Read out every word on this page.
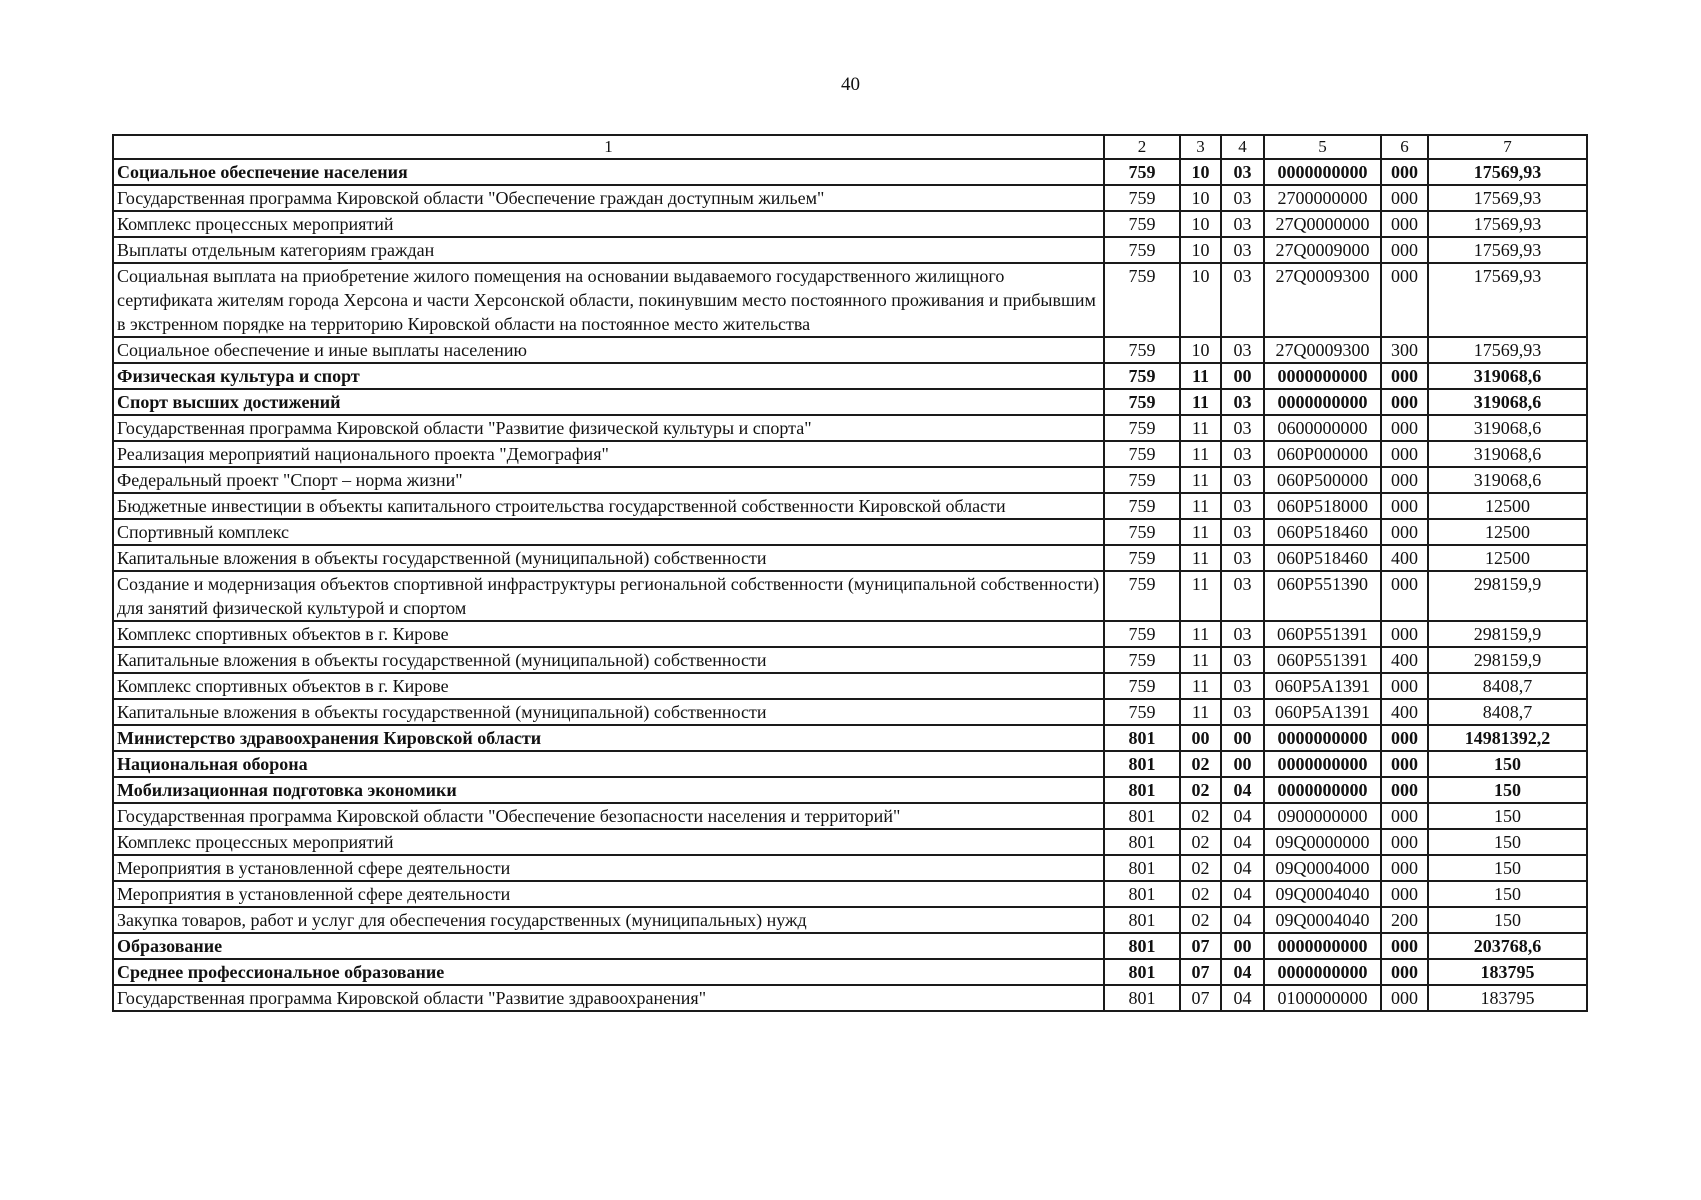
40
1	2	3	4	5	6	7
Социальное обеспечение населения	759	10	03	0000000000	000	17569,93
Государственная программа Кировской области "Обеспечение граждан доступным жильем"	759	10	03	2700000000	000	17569,93
Комплекс процессных мероприятий	759	10	03	27Q0000000	000	17569,93
Выплаты отдельным категориям граждан	759	10	03	27Q0009000	000	17569,93
Социальная выплата на приобретение жилого помещения на основании выдаваемого государственного жилищного сертификата жителям города Херсона и части Херсонской области, покинувшим место постоянного проживания и прибывшим в экстренном порядке на территорию Кировской области на постоянное место жительства	759	10	03	27Q0009300	000	17569,93
Социальное обеспечение и иные выплаты населению	759	10	03	27Q0009300	300	17569,93
Физическая культура и спорт	759	11	00	0000000000	000	319068,6
Спорт высших достижений	759	11	03	0000000000	000	319068,6
Государственная программа Кировской области "Развитие физической культуры и спорта"	759	11	03	0600000000	000	319068,6
Реализация мероприятий национального проекта "Демография"	759	11	03	060P000000	000	319068,6
Федеральный проект "Спорт – норма жизни"	759	11	03	060P500000	000	319068,6
Бюджетные инвестиции в объекты капитального строительства государственной собственности Кировской области	759	11	03	060P518000	000	12500
Спортивный комплекс	759	11	03	060P518460	000	12500
Капитальные вложения в объекты государственной (муниципальной) собственности	759	11	03	060P518460	400	12500
Создание и модернизация объектов спортивной инфраструктуры региональной собственности (муниципальной собственности) для занятий физической культурой и спортом	759	11	03	060P551390	000	298159,9
Комплекс спортивных объектов в г. Кирове	759	11	03	060P551391	000	298159,9
Капитальные вложения в объекты государственной (муниципальной) собственности	759	11	03	060P551391	400	298159,9
Комплекс спортивных объектов в г. Кирове	759	11	03	060P5A1391	000	8408,7
Капитальные вложения в объекты государственной (муниципальной) собственности	759	11	03	060P5A1391	400	8408,7
Министерство здравоохранения Кировской области	801	00	00	0000000000	000	14981392,2
Национальная оборона	801	02	00	0000000000	000	150
Мобилизационная подготовка экономики	801	02	04	0000000000	000	150
Государственная программа Кировской области "Обеспечение безопасности населения и территорий"	801	02	04	0900000000	000	150
Комплекс процессных мероприятий	801	02	04	09Q0000000	000	150
Мероприятия в установленной сфере деятельности	801	02	04	09Q0004000	000	150
Мероприятия в установленной сфере деятельности	801	02	04	09Q0004040	000	150
Закупка товаров, работ и услуг для обеспечения государственных (муниципальных) нужд	801	02	04	09Q0004040	200	150
Образование	801	07	00	0000000000	000	203768,6
Среднее профессиональное образование	801	07	04	0000000000	000	183795
Государственная программа Кировской области "Развитие здравоохранения"	801	07	04	0100000000	000	183795
